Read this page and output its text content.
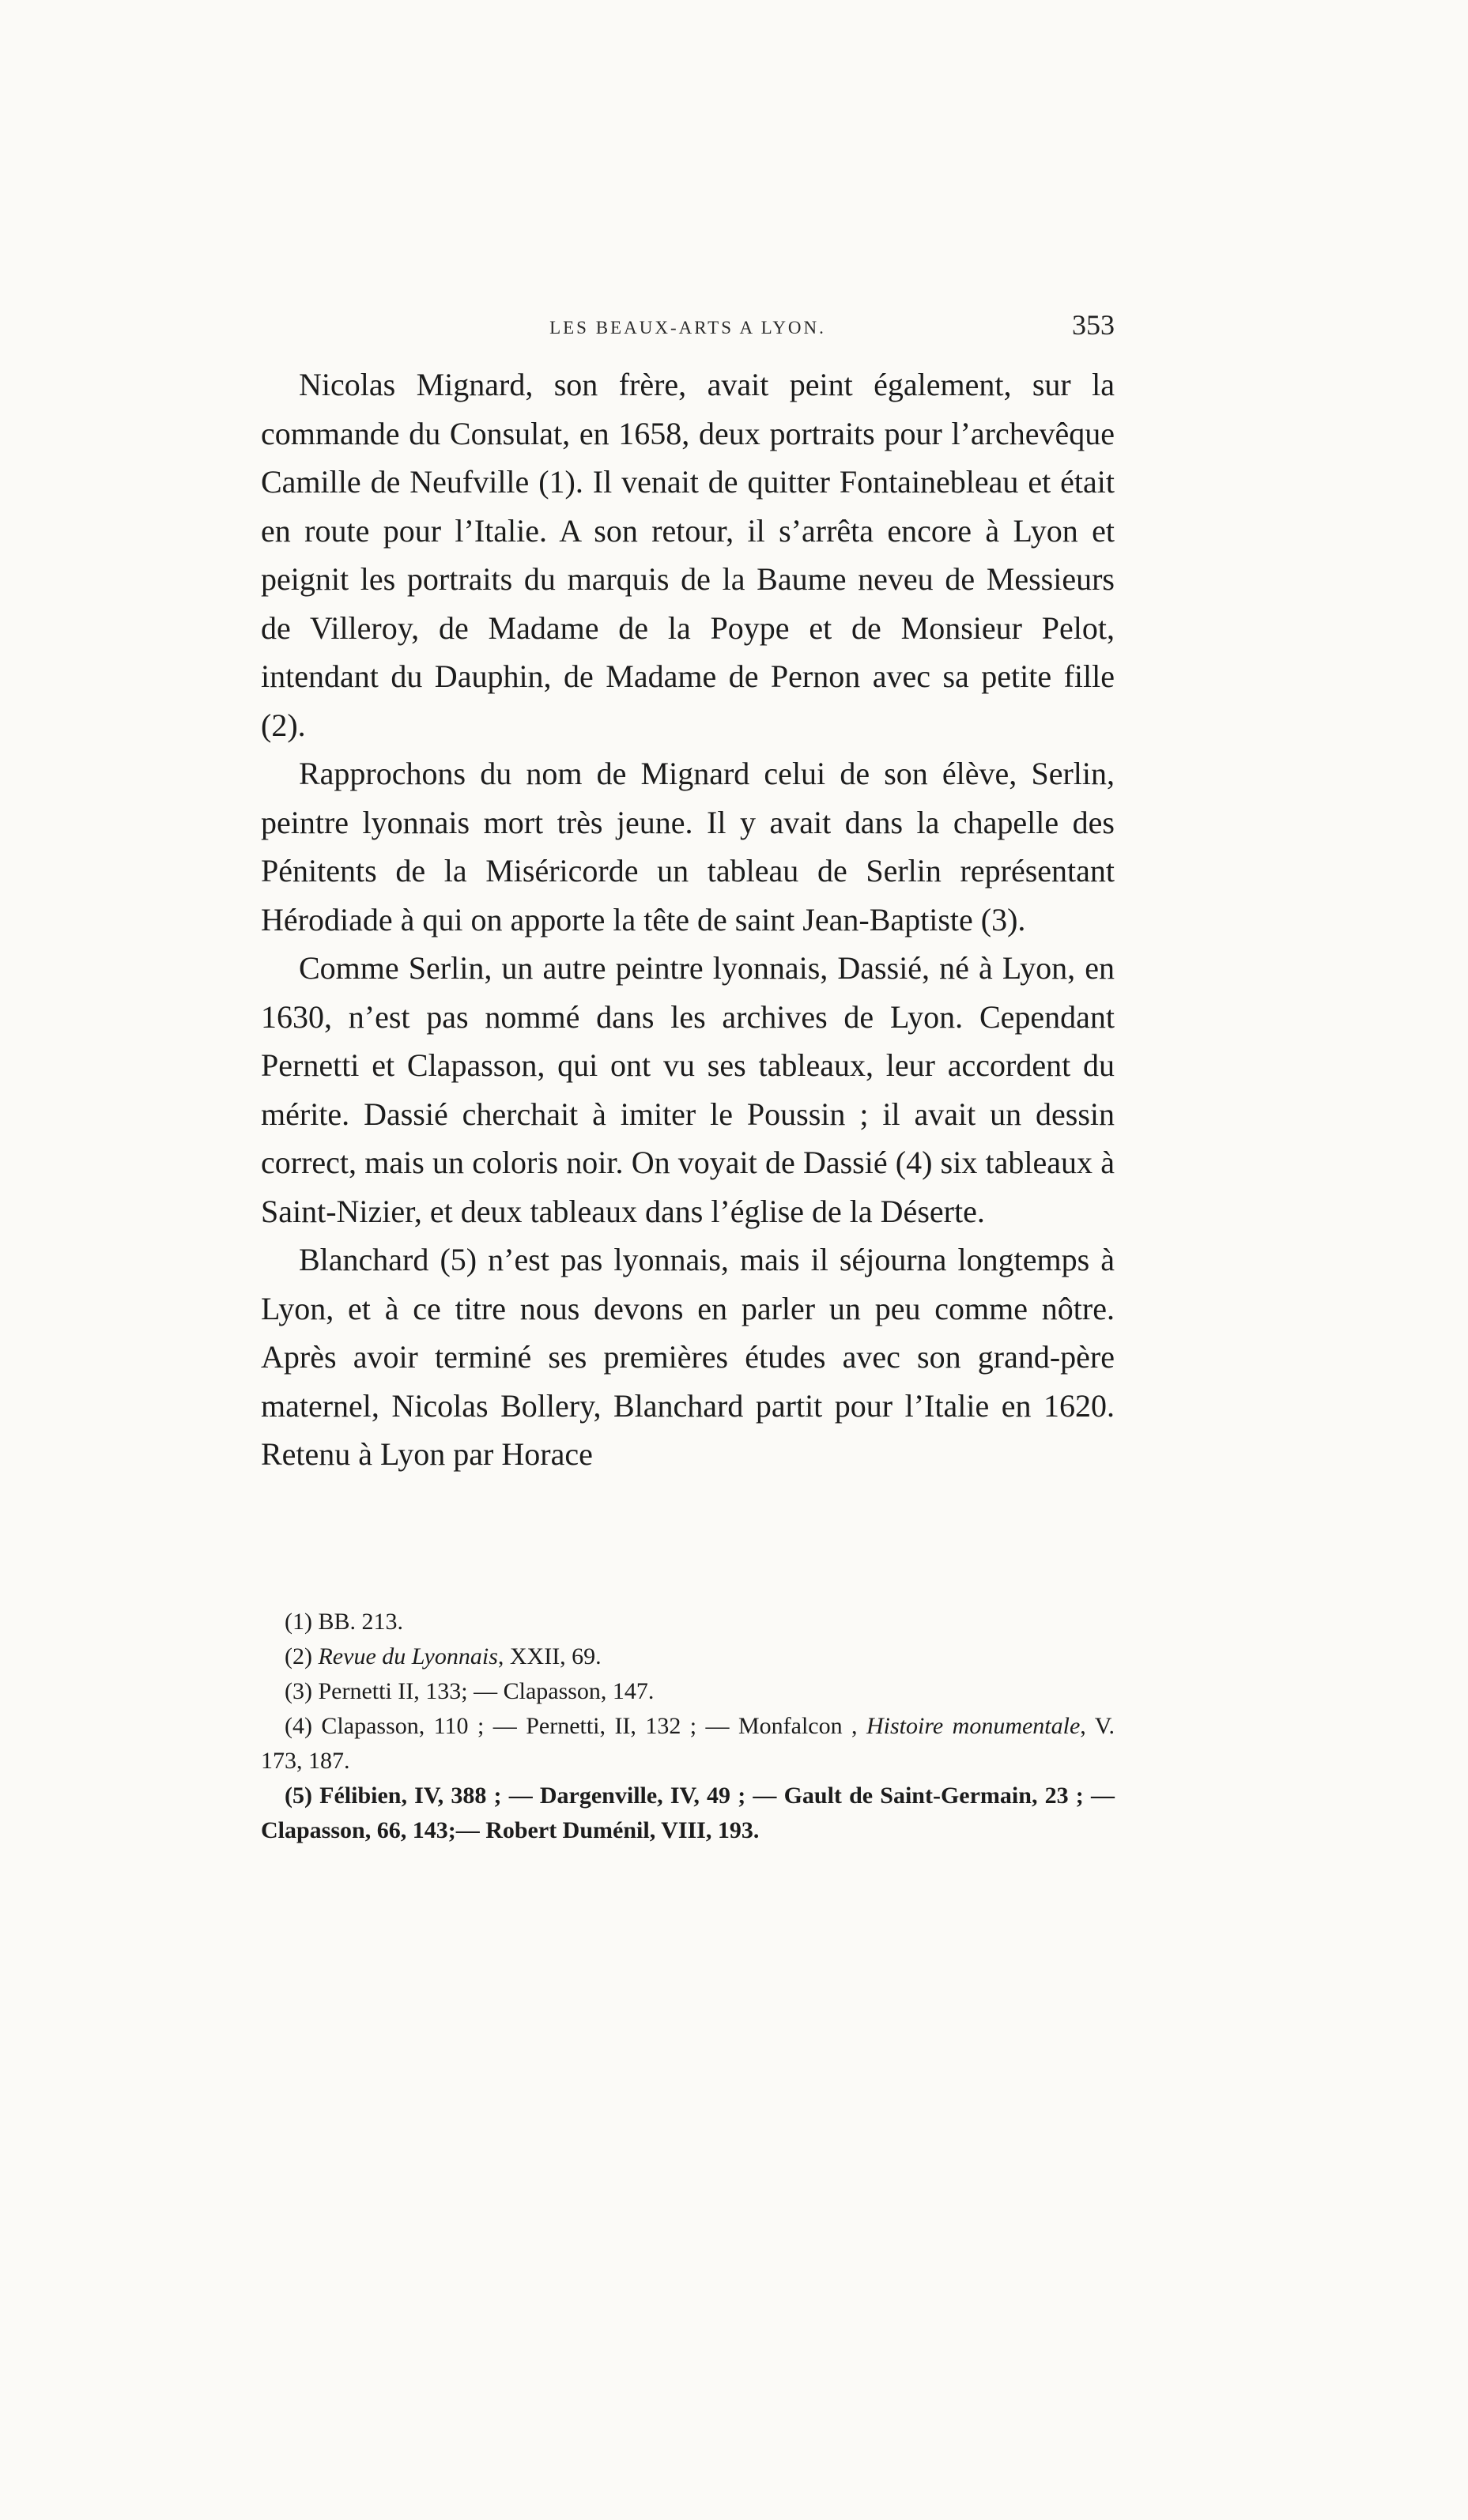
LES BEAUX-ARTS A LYON.	353

Nicolas Mignard, son frère, avait peint également, sur la commande du Consulat, en 1658, deux portraits pour l’archevêque Camille de Neufville (1). Il venait de quitter Fontainebleau et était en route pour l’Italie. A son retour, il s’arrêta encore à Lyon et peignit les portraits du marquis de la Baume neveu de Messieurs de Villeroy, de Madame de la Poype et de Monsieur Pelot, intendant du Dauphin, de Madame de Pernon avec sa petite fille (2).

Rapprochons du nom de Mignard celui de son élève, Serlin, peintre lyonnais mort très jeune. Il y avait dans la chapelle des Pénitents de la Miséricorde un tableau de Serlin représentant Hérodiade à qui on apporte la tête de saint Jean-Baptiste (3).

Comme Serlin, un autre peintre lyonnais, Dassié, né à Lyon, en 1630, n’est pas nommé dans les archives de Lyon. Cependant Pernetti et Clapasson, qui ont vu ses tableaux, leur accordent du mérite. Dassié cherchait à imiter le Poussin ; il avait un dessin correct, mais un coloris noir. On voyait de Dassié (4) six tableaux à Saint-Nizier, et deux tableaux dans l’église de la Déserte.

Blanchard (5) n’est pas lyonnais, mais il séjourna longtemps à Lyon, et à ce titre nous devons en parler un peu comme nôtre. Après avoir terminé ses premières études avec son grand-père maternel, Nicolas Bollery, Blanchard partit pour l’Italie en 1620. Retenu à Lyon par Horace

(1) BB. 213.

(2) Revue du Lyonnais, XXII, 69.

(3) Pernetti II, 133; — Clapasson, 147.

(4) Clapasson, 110 ; — Pernetti, II, 132 ; — Monfalcon , Histoire monumentale, V. 173, 187.

(5) Félibien, IV, 388 ; — Dargenville, IV, 49 ; — Gault de Saint-Germain, 23 ; — Clapasson, 66, 143;— Robert Duménil, VIII, 193.
